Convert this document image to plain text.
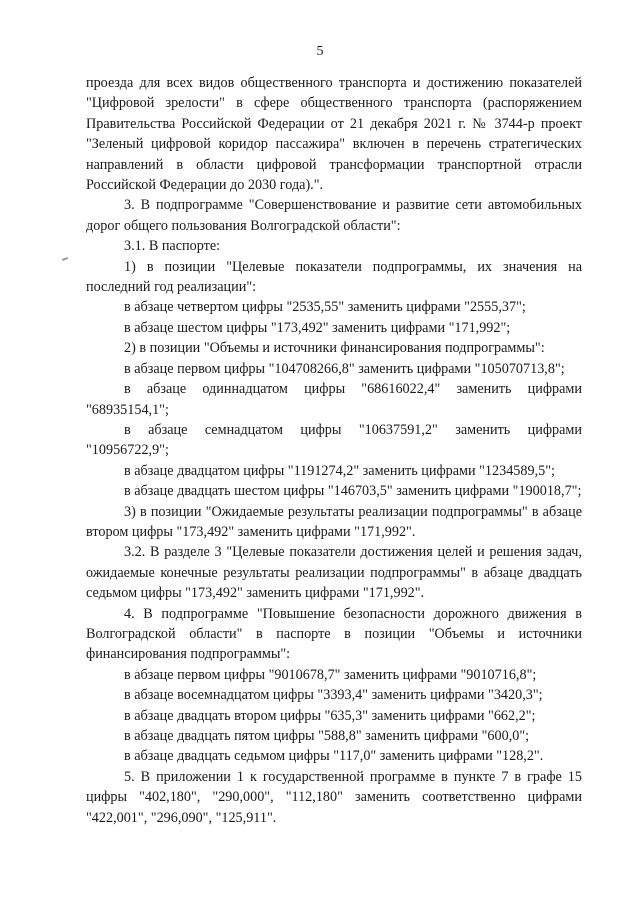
5

проезда для всех видов общественного транспорта и достижению показателей "Цифровой зрелости" в сфере общественного транспорта (распоряжением Правительства Российской Федерации от 21 декабря 2021 г. № 3744-р проект "Зеленый цифровой коридор пассажира" включен в перечень стратегических направлений в области цифровой трансформации транспортной отрасли Российской Федерации до 2030 года).".

3. В подпрограмме "Совершенствование и развитие сети автомобильных дорог общего пользования Волгоградской области":

3.1. В паспорте:

1) в позиции "Целевые показатели подпрограммы, их значения на последний год реализации":

в абзаце четвертом цифры "2535,55" заменить цифрами "2555,37";

в абзаце шестом цифры "173,492" заменить цифрами "171,992";

2) в позиции "Объемы и источники финансирования подпрограммы":

в абзаце первом цифры "104708266,8" заменить цифрами "105070713,8";

в абзаце одиннадцатом цифры "68616022,4" заменить цифрами "68935154,1";

в абзаце семнадцатом цифры "10637591,2" заменить цифрами "10956722,9";

в абзаце двадцатом цифры "1191274,2" заменить цифрами "1234589,5";

в абзаце двадцать шестом цифры "146703,5" заменить цифрами "190018,7";

3) в позиции "Ожидаемые результаты реализации подпрограммы" в абзаце втором цифры "173,492" заменить цифрами "171,992".

3.2. В разделе 3 "Целевые показатели достижения целей и решения задач, ожидаемые конечные результаты реализации подпрограммы" в абзаце двадцать седьмом цифры "173,492" заменить цифрами "171,992".

4. В подпрограмме "Повышение безопасности дорожного движения в Волгоградской области" в паспорте в позиции "Объемы и источники финансирования подпрограммы":

в абзаце первом цифры "9010678,7" заменить цифрами "9010716,8";

в абзаце восемнадцатом цифры "3393,4" заменить цифрами "3420,3";

в абзаце двадцать втором цифры "635,3" заменить цифрами "662,2";

в абзаце двадцать пятом цифры "588,8" заменить цифрами "600,0";

в абзаце двадцать седьмом цифры "117,0" заменить цифрами "128,2".

5. В приложении 1 к государственной программе в пункте 7 в графе 15 цифры "402,180", "290,000", "112,180" заменить соответственно цифрами "422,001", "296,090", "125,911".
